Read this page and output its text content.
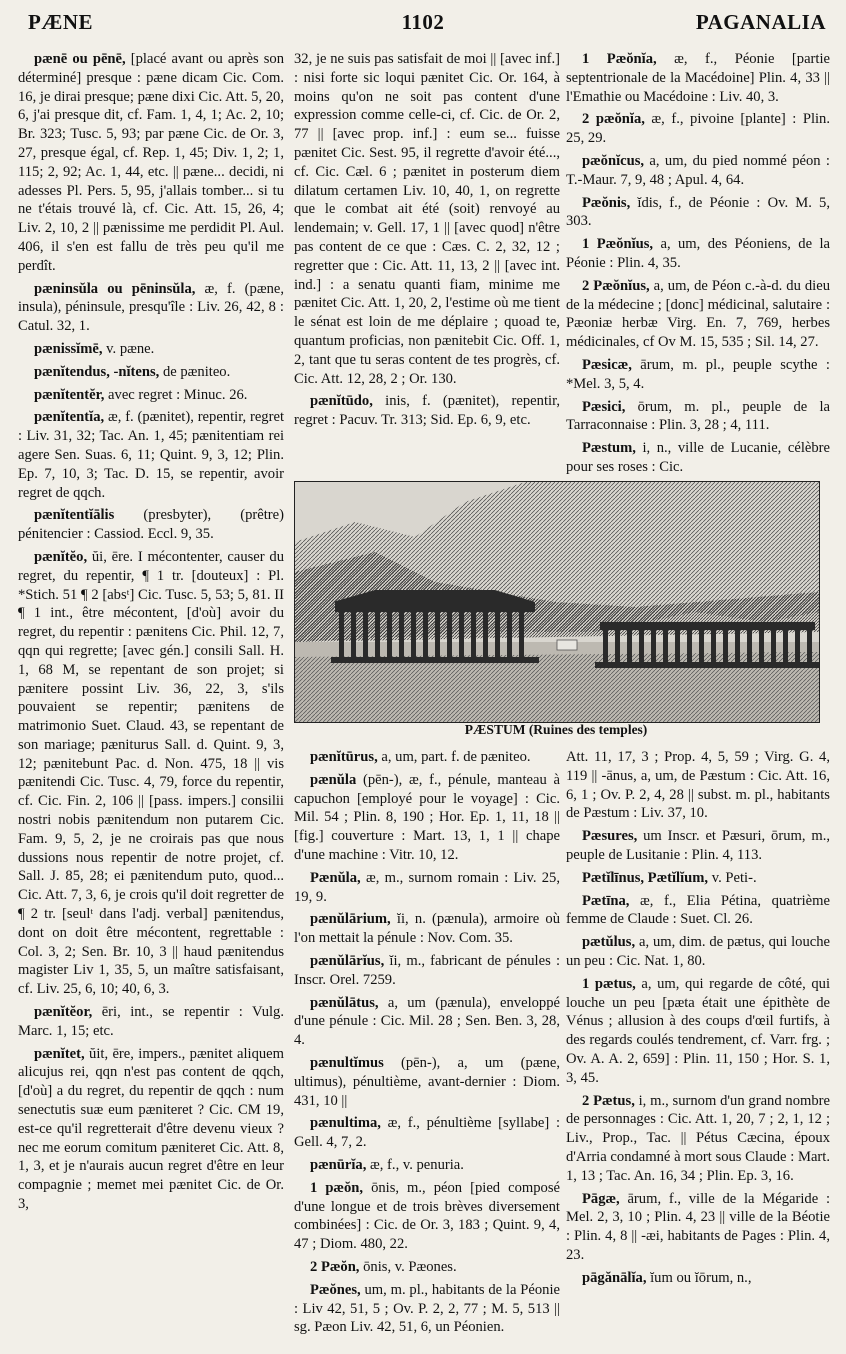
PÆNE	1102	PAGANALIA

pænē ou pēnē, [placé avant ou après son déterminé] presque : pæne dicam Cic. Com. 16, je dirai presque; pæne dixi Cic. Att. 5, 20, 6, j'ai presque dit, cf. Fam. 1, 4, 1; Ac. 2, 10; Br. 323; Tusc. 5, 93; par pæne Cic. de Or. 3, 27, presque égal, cf. Rep. 1, 45; Div. 1, 2; 1, 115; 2, 92; Ac. 1, 44, etc. || pæne... decidi, ni adesses Pl. Pers. 5, 95, j'allais tomber... si tu ne t'étais trouvé là, cf. Cic. Att. 15, 26, 4; Liv. 2, 10, 2 || pænissime me perdidit Pl. Aul. 406, il s'en est fallu de très peu qu'il me perdît.

pæninsŭla ou pēninsŭla, æ, f. (pæne, insula), péninsule, presqu'île : Liv. 26, 42, 8 : Catul. 32, 1.

pænissĭmē, v. pæne.

pænĭtendus, -nĭtens, de pæniteo.

pænĭtentĕr, avec regret : Minuc. 26.

pænĭtentĭa, æ, f. (pænitet), repentir, regret : Liv. 31, 32; Tac. An. 1, 45; pænitentiam rei agere Sen. Suas. 6, 11; Quint. 9, 3, 12; Plin. Ep. 7, 10, 3; Tac. D. 15, se repentir, avoir regret de qqch.

pænĭtentĭālis (presbyter), (prêtre) pénitencier : Cassiod. Eccl. 9, 35.

pænĭtĕo, ŭi, ēre. I mécontenter, causer du regret, du repentir, ¶ 1 tr. [douteux] : Pl. *Stich. 51 ¶ 2 [absᵗ] Cic. Tusc. 5, 53; 5, 81. II ¶ 1 int., être mécontent, [d'où] avoir du regret, du repentir : pænitens Cic. Phil. 12, 7, qqn qui regrette; [avec gén.] consili Sall. H. 1, 68 M, se repentant de son projet; si pænitere possint Liv. 36, 22, 3, s'ils pouvaient se repentir; pænitens de matrimonio Suet. Claud. 43, se repentant de son mariage; pæniturus Sall. d. Quint. 9, 3, 12; pænitebunt Pac. d. Non. 475, 18 || vis pænitendi Cic. Tusc. 4, 79, force du repentir, cf. Cic. Fin. 2, 106 || [pass. impers.] consilii nostri nobis pænitendum non putarem Cic. Fam. 9, 5, 2, je ne croirais pas que nous dussions nous repentir de notre projet, cf. Sall. J. 85, 28; ei pænitendum puto, quod... Cic. Att. 7, 3, 6, je crois qu'il doit regretter de ¶ 2 tr. [seulᵗ dans l'adj. verbal] pænitendus, dont on doit être mécontent, regrettable : Col. 3, 2; Sen. Br. 10, 3 || haud pænitendus magister Liv 1, 35, 5, un maître satisfaisant, cf. Liv. 25, 6, 10; 40, 6, 3.

pænĭtĕor, ēri, int., se repentir : Vulg. Marc. 1, 15; etc.

pænĭtet, ŭit, ēre, impers., pænitet aliquem alicujus rei, qqn n'est pas content de qqch, [d'où] a du regret, du repentir de qqch : num senectutis suæ eum pæniteret ? Cic. CM 19, est-ce qu'il regretterait d'être devenu vieux ? nec me eorum comitum pæniteret Cic. Att. 8, 1, 3, et je n'aurais aucun regret d'être en leur compagnie ; memet mei pænitet Cic. de Or. 3,

32, je ne suis pas satisfait de moi || [avec inf.] : nisi forte sic loqui pænitet Cic. Or. 164, à moins qu'on ne soit pas content d'une expression comme celle-ci, cf. Cic. de Or. 2, 77 || [avec prop. inf.] : eum se... fuisse pænitet Cic. Sest. 95, il regrette d'avoir été..., cf. Cic. Cæl. 6 ; pænitet in posterum diem dilatum certamen Liv. 10, 40, 1, on regrette que le combat ait été (soit) renvoyé au lendemain; v. Gell. 17, 1 || [avec quod] n'être pas content de ce que : Cæs. C. 2, 32, 12 ; regretter que : Cic. Att. 11, 13, 2 || [avec int. ind.] : a senatu quanti fiam, minime me pænitet Cic. Att. 1, 20, 2, l'estime où me tient le sénat est loin de me déplaire ; quoad te, quantum proficias, non pænitebit Cic. Off. 1, 2, tant que tu seras content de tes progrès, cf. Cic. Att. 12, 28, 2 ; Or. 130.

pænĭtūdo, inis, f. (pænitet), repentir, regret : Pacuv. Tr. 313; Sid. Ep. 6, 9, etc.

1 Pæŏnĭa, æ, f., Péonie [partie septentrionale de la Macédoine] Plin. 4, 33 || l'Emathie ou Macédoine : Liv. 40, 3.

2 pæŏnĭa, æ, f., pivoine [plante] : Plin. 25, 29.

pæŏnĭcus, a, um, du pied nommé péon : T.-Maur. 7, 9, 48 ; Apul. 4, 64.

Pæŏnis, ĭdis, f., de Péonie : Ov. M. 5, 303.

1 Pæŏnĭus, a, um, des Péoniens, de la Péonie : Plin. 4, 35.

2 Pæŏnĭus, a, um, de Péon c.-à-d. du dieu de la médecine ; [donc] médicinal, salutaire : Pæoniæ herbæ Virg. En. 7, 769, herbes médicinales, cf Ov M. 15, 535 ; Sil. 14, 27.

Pæsicæ, ārum, m. pl., peuple scythe : *Mel. 3, 5, 4.

Pæsici, ōrum, m. pl., peuple de la Tarraconnaise : Plin. 3, 28 ; 4, 111.

Pæstum, i, n., ville de Lucanie, célèbre pour ses roses : Cic.

PÆSTUM (Ruines des temples)

pænĭtūrus, a, um, part. f. de pæniteo.

pænŭla (pēn-), æ, f., pénule, manteau à capuchon [employé pour le voyage] : Cic. Mil. 54 ; Plin. 8, 190 ; Hor. Ep. 1, 11, 18 || [fig.] couverture : Mart. 13, 1, 1 || chape d'une machine : Vitr. 10, 12.

Pænŭla, æ, m., surnom romain : Liv. 25, 19, 9.

pænŭlārium, ĭi, n. (pænula), armoire où l'on mettait la pénule : Nov. Com. 35.

pænŭlārĭus, ĭi, m., fabricant de pénules : Inscr. Orel. 7259.

pænŭlātus, a, um (pænula), enveloppé d'une pénule : Cic. Mil. 28 ; Sen. Ben. 3, 28, 4.

pænultĭmus (pēn-), a, um (pæne, ultimus), pénultième, avant-dernier : Diom. 431, 10 ||

pænultima, æ, f., pénultième [syllabe] : Gell. 4, 7, 2.

pænūrĭa, æ, f., v. penuria.

1 pæŏn, ōnis, m., péon [pied composé d'une longue et de trois brèves diversement combinées] : Cic. de Or. 3, 183 ; Quint. 9, 4, 47 ; Diom. 480, 22.

2 Pæŏn, ōnis, v. Pæones.

Pæŏnes, um, m. pl., habitants de la Péonie : Liv 42, 51, 5 ; Ov. P. 2, 2, 77 ; M. 5, 513 || sg. Pæon Liv. 42, 51, 6, un Péonien.

Att. 11, 17, 3 ; Prop. 4, 5, 59 ; Virg. G. 4, 119 || -ānus, a, um, de Pæstum : Cic. Att. 16, 6, 1 ; Ov. P. 2, 4, 28 || subst. m. pl., habitants de Pæstum : Liv. 37, 10.

Pæsures, um Inscr. et Pæsuri, ōrum, m., peuple de Lusitanie : Plin. 4, 113.

Pætĭlīnus, Pætĭlĭum, v. Peti-.

Pætīna, æ, f., Elia Pétina, quatrième femme de Claude : Suet. Cl. 26.

pætŭlus, a, um, dim. de pætus, qui louche un peu : Cic. Nat. 1, 80.

1 pætus, a, um, qui regarde de côté, qui louche un peu [pæta était une épithète de Vénus ; allusion à des coups d'œil furtifs, à des regards coulés tendrement, cf. Varr. frg. ; Ov. A. A. 2, 659] : Plin. 11, 150 ; Hor. S. 1, 3, 45.

2 Pætus, i, m., surnom d'un grand nombre de personnages : Cic. Att. 1, 20, 7 ; 2, 1, 12 ; Liv., Prop., Tac. || Pétus Cæcina, époux d'Arria condamné à mort sous Claude : Mart. 1, 13 ; Tac. An. 16, 34 ; Plin. Ep. 3, 16.

Pāgæ, ārum, f., ville de la Mégaride : Mel. 2, 3, 10 ; Plin. 4, 23 || ville de la Béotie : Plin. 4, 8 || -æi, habitants de Pages : Plin. 4, 23.

pāgănālĭa, ĭum ou ĭōrum, n.,
